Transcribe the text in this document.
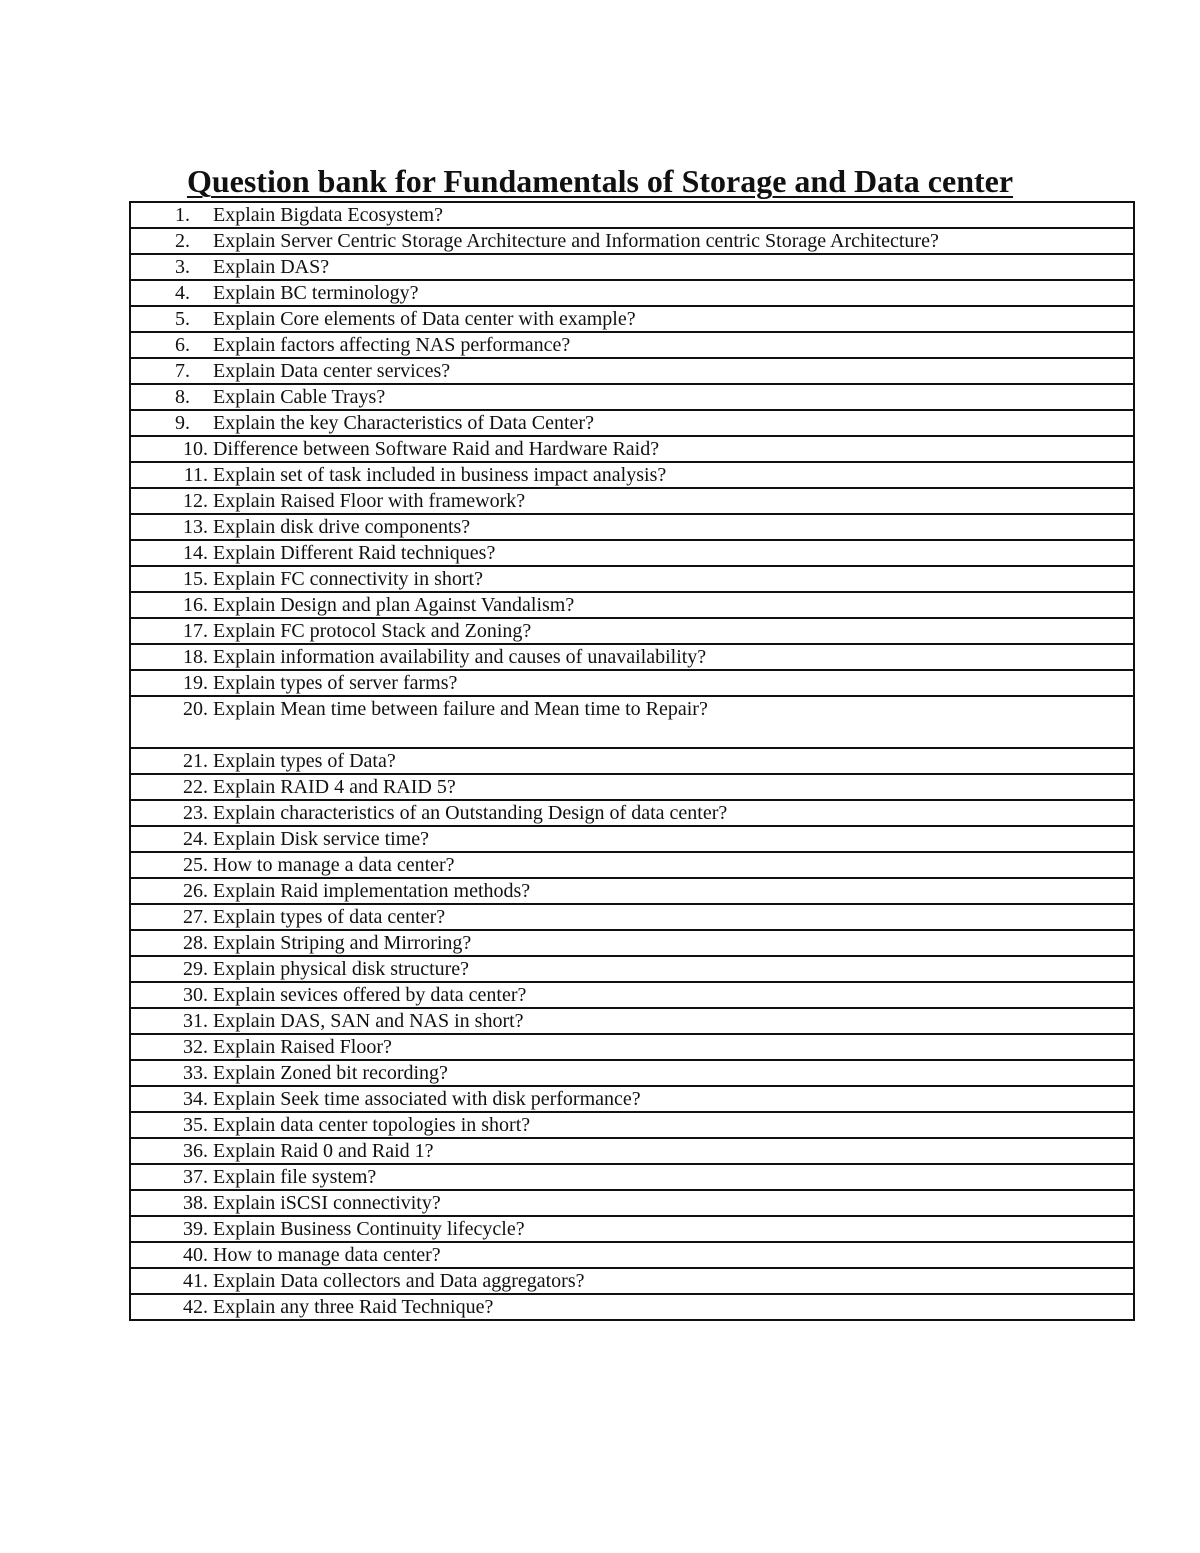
Question bank for Fundamentals of Storage and Data center
1. Explain Bigdata Ecosystem?
2. Explain Server Centric Storage Architecture and Information centric Storage Architecture?
3. Explain DAS?
4. Explain BC terminology?
5. Explain Core elements of Data center with example?
6. Explain factors affecting NAS performance?
7. Explain Data center services?
8. Explain Cable Trays?
9. Explain the key Characteristics of Data Center?
10. Difference between Software Raid and Hardware Raid?
11. Explain set of task included in business impact analysis?
12. Explain Raised Floor with framework?
13. Explain disk drive components?
14. Explain Different Raid techniques?
15. Explain FC connectivity in short?
16. Explain Design and plan Against Vandalism?
17. Explain FC protocol Stack and Zoning?
18. Explain information availability and causes of unavailability?
19. Explain types of server farms?
20. Explain Mean time between failure and Mean time to Repair?
21. Explain types of Data?
22. Explain RAID 4 and RAID 5?
23. Explain characteristics of an Outstanding Design of data center?
24. Explain Disk service time?
25. How to manage a data center?
26. Explain Raid implementation methods?
27. Explain types of data center?
28. Explain Striping and Mirroring?
29. Explain physical disk structure?
30. Explain sevices offered by data center?
31. Explain DAS, SAN and NAS in short?
32. Explain Raised Floor?
33. Explain Zoned bit recording?
34. Explain Seek time associated with disk performance?
35. Explain data center topologies in short?
36. Explain Raid 0 and Raid 1?
37. Explain file system?
38. Explain iSCSI connectivity?
39. Explain Business Continuity lifecycle?
40. How to manage data center?
41. Explain Data collectors and Data aggregators?
42. Explain any three Raid Technique?
